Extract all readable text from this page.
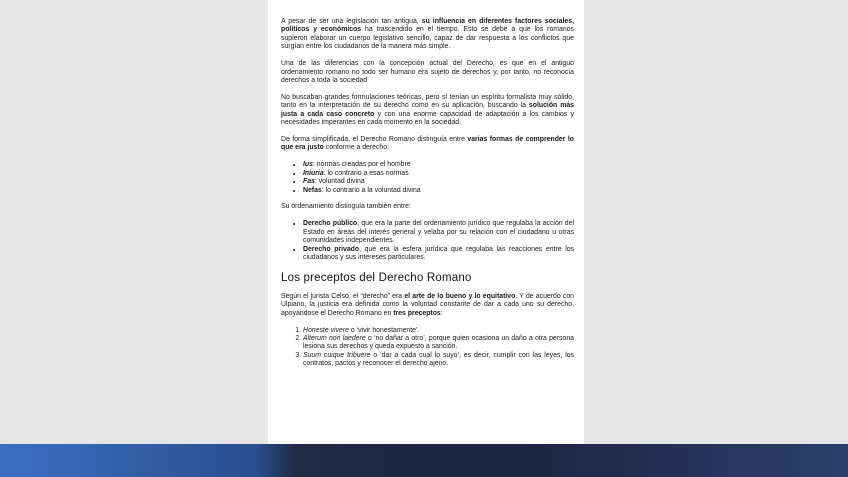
A pesar de ser una legislación tan antigua, su influencia en diferentes factores sociales, políticos y económicos ha trascendido en el tiempo. Esto se debe a que los romanos supieron elaborar un cuerpo legislativo sencillo, capaz de dar respuesta a los conflictos que surgían entre los ciudadanos de la manera más simple.

Una de las diferencias con la concepción actual del Derecho, es que en el antiguo ordenamiento romano no todo ser humano era sujeto de derechos y, por tanto, no reconocía derechos a toda la sociedad

No buscaban grandes formulaciones teóricas, pero sí tenían un espíritu formalista muy sólido, tanto en la interpretación de su derecho como en su aplicación, buscando la solución más justa a cada caso concreto y con una enorme capacidad de adaptación a los cambios y necesidades imperantes en cada momento en la sociedad.

De forma simplificada, el Derecho Romano distinguía entre varias formas de comprender lo que era justo conforme a derecho:

• Ius: normas creadas por el hombre
• Iniuria: lo contrario a esas normas
• Fas: voluntad divina
• Nefas: lo contrario a la voluntad divina

Su ordenamiento distinguía también entre:

• Derecho público, que era la parte del ordenamiento jurídico que regulaba la acción del Estado en áreas del interés general y velaba por su relación con el ciudadano u otras comunidades independientes.
• Derecho privado, que era la esfera jurídica que regulaba las reacciones entre los ciudadanos y sus intereses particulares.
Los preceptos del Derecho Romano

Según el jurista Celso, el “derecho” era el arte de lo bueno y lo equitativo. Y de acuerdo con Ulpiano, la justicia era definida como la voluntad constante de dar a cada uno su derecho, apoyándose el Derecho Romano en tres preceptos:

1. Honeste vivere o ‘vivir honestamente’.
2. Alterum non laedere o ‘no dañar a otro’, porque quien ocasiona un daño a otra persona lesiona sus derechos y queda expuesto a sanción.
3. Suum cuique tribuere o ‘dar a cada cual lo suyo’, es decir, cumplir con las leyes, los contratos, pactos y reconocer el derecho ajeno.
